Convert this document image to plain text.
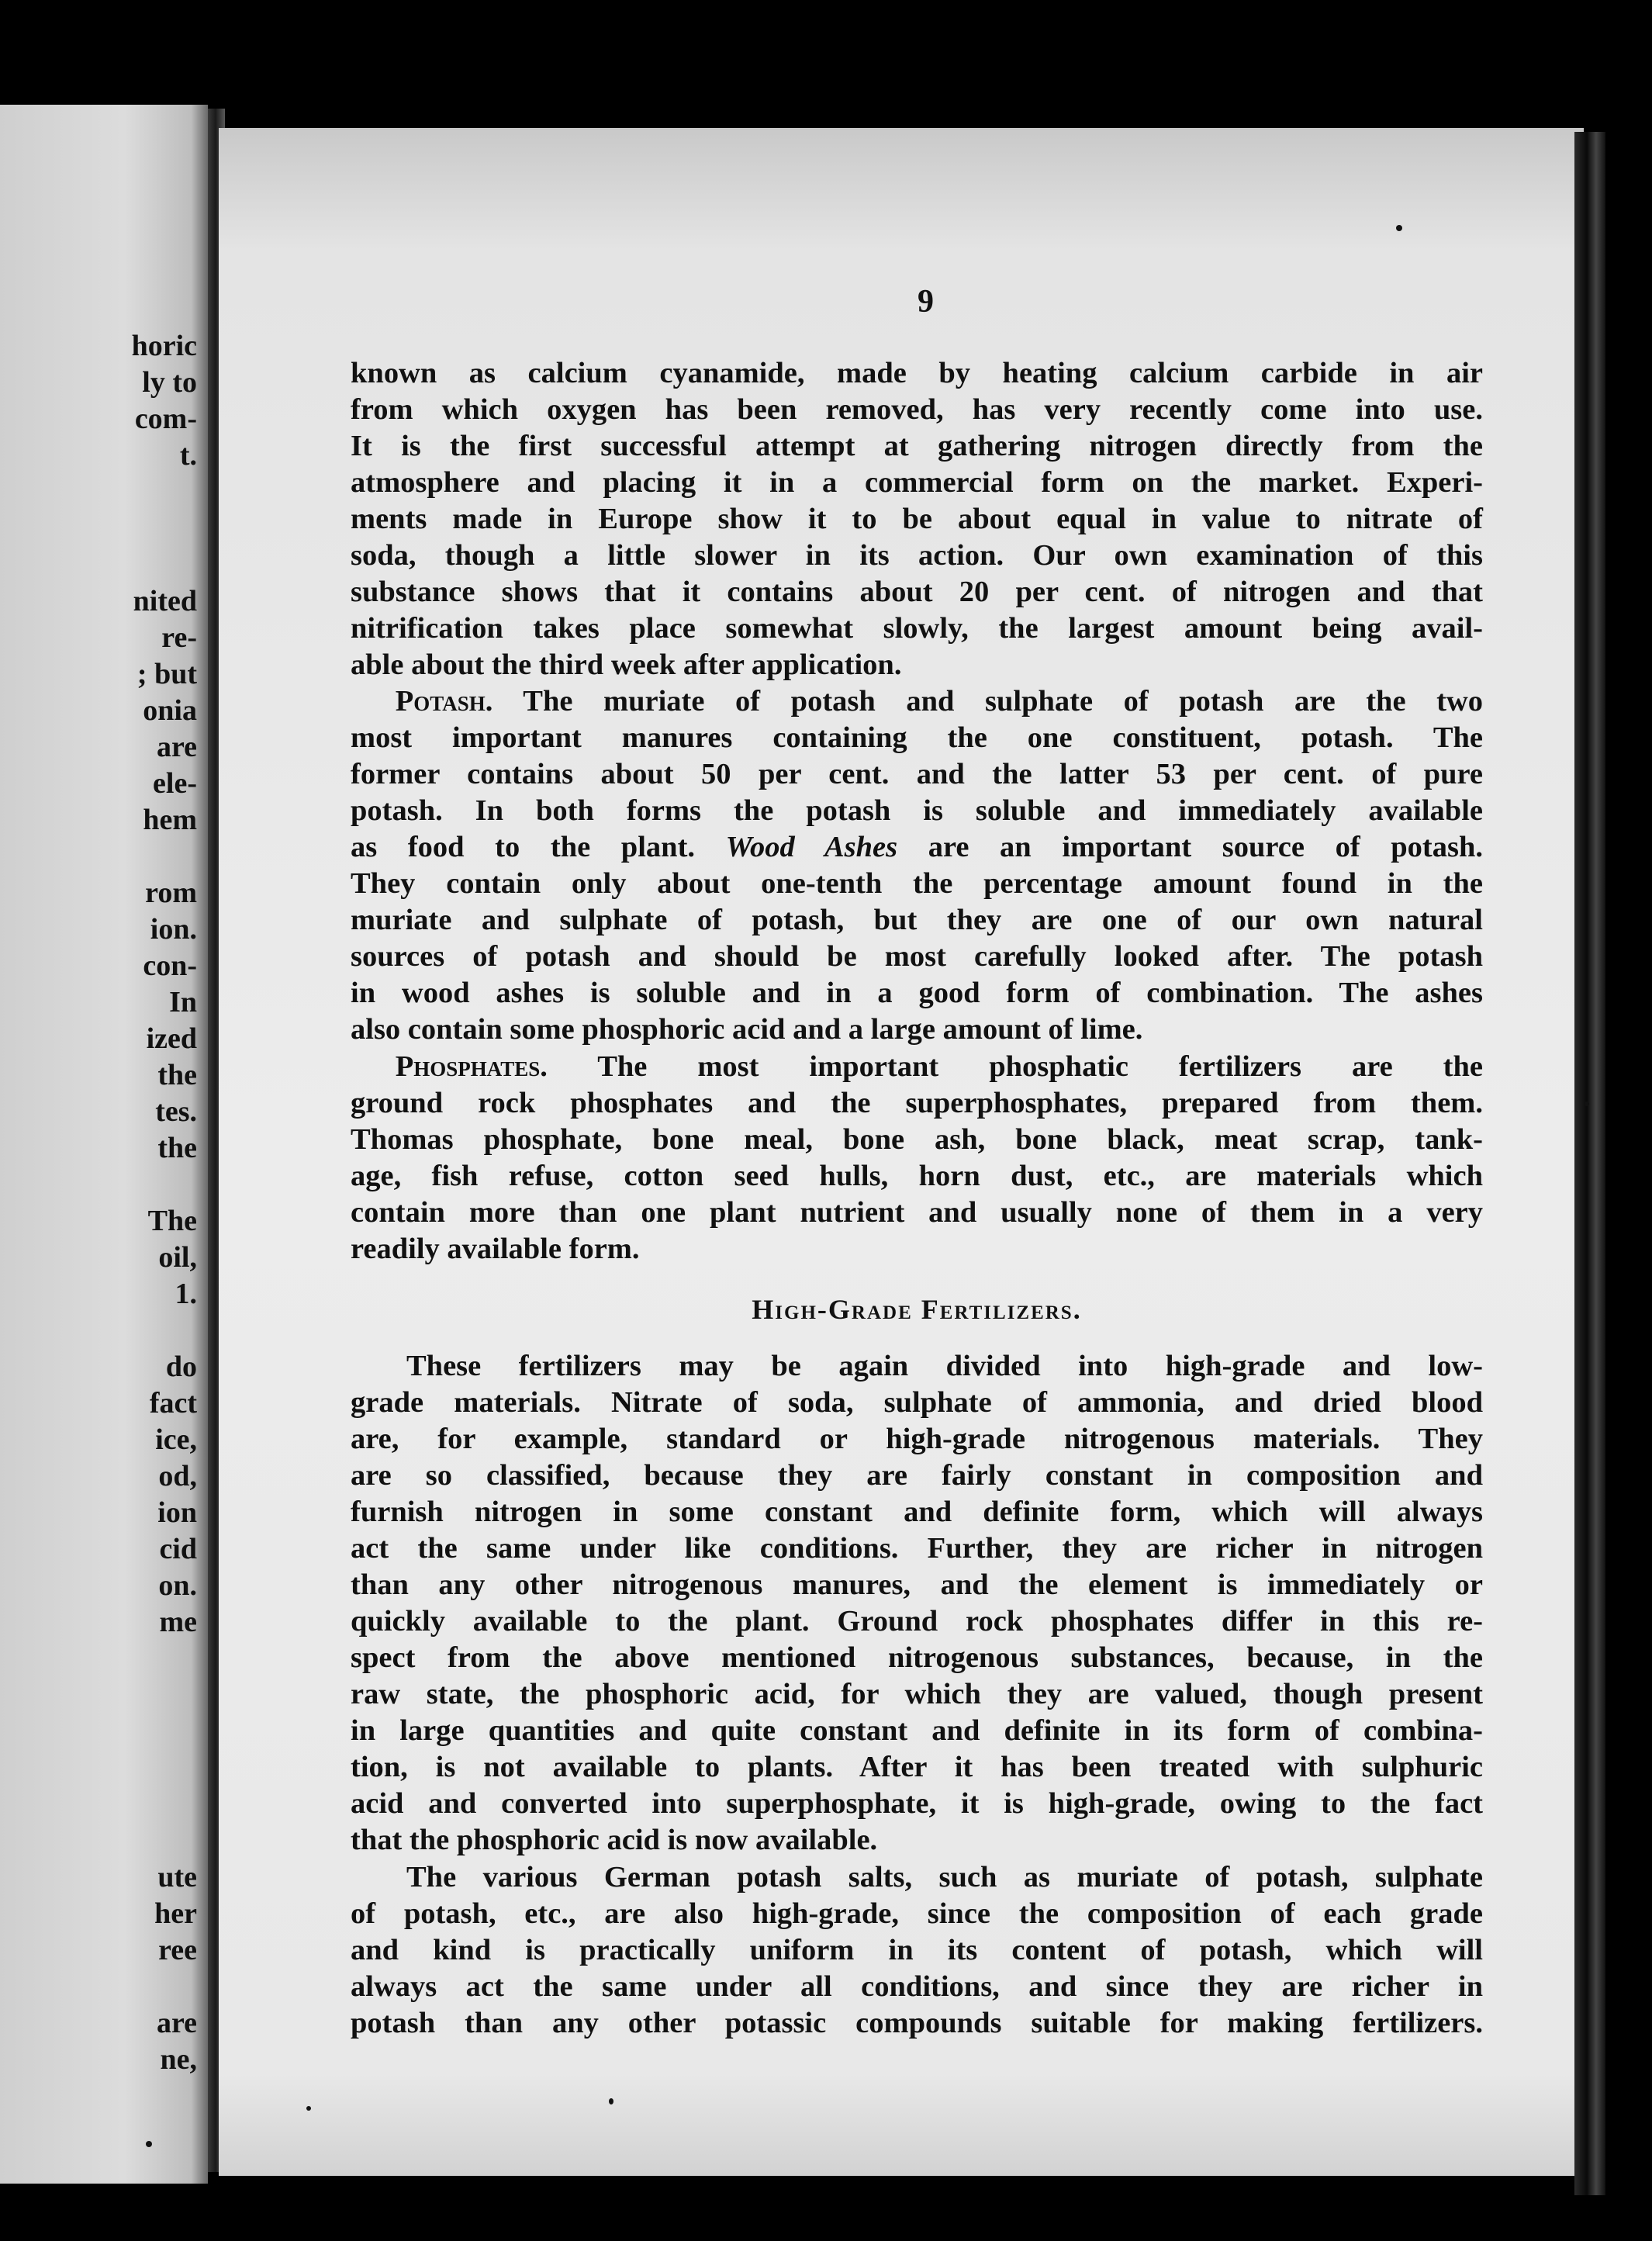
horic
ly to
com-
t.
nited
re-
; but
onia
are
ele-
hem
rom
ion.
con-
In
ized
the
tes.
the
The
oil,
1.
do
fact
ice,
od,
ion
cid
on.
me
ute
her
ree
are
ne,
9
known as calcium cyanamide, made by heating calcium carbide in air
from which oxygen has been removed, has very recently come into use.
It is the first successful attempt at gathering nitrogen directly from the
atmosphere and placing it in a commercial form on the market. Experi-
ments made in Europe show it to be about equal in value to nitrate of
soda, though a little slower in its action. Our own examination of this
substance shows that it contains about 20 per cent. of nitrogen and that
nitrification takes place somewhat slowly, the largest amount being avail-
able about the third week after application.
  Potash. The muriate of potash and sulphate of potash are the two
most important manures containing the one constituent, potash. The
former contains about 50 per cent. and the latter 53 per cent. of pure
potash. In both forms the potash is soluble and immediately available
as food to the plant. Wood Ashes are an important source of potash.
They contain only about one-tenth the percentage amount found in the
muriate and sulphate of potash, but they are one of our own natural
sources of potash and should be most carefully looked after. The potash
in wood ashes is soluble and in a good form of combination. The ashes
also contain some phosphoric acid and a large amount of lime.
  Phosphates. The most important phosphatic fertilizers are the
ground rock phosphates and the superphosphates, prepared from them.
Thomas phosphate, bone meal, bone ash, bone black, meat scrap, tank-
age, fish refuse, cotton seed hulls, horn dust, etc., are materials which
contain more than one plant nutrient and usually none of them in a very
readily available form.
High-Grade Fertilizers.
These fertilizers may be again divided into high-grade and low-
grade materials. Nitrate of soda, sulphate of ammonia, and dried blood
are, for example, standard or high-grade nitrogenous materials. They
are so classified, because they are fairly constant in composition and
furnish nitrogen in some constant and definite form, which will always
act the same under like conditions. Further, they are richer in nitrogen
than any other nitrogenous manures, and the element is immediately or
quickly available to the plant. Ground rock phosphates differ in this re-
spect from the above mentioned nitrogenous substances, because, in the
raw state, the phosphoric acid, for which they are valued, though present
in large quantities and quite constant and definite in its form of combina-
tion, is not available to plants. After it has been treated with sulphuric
acid and converted into superphosphate, it is high-grade, owing to the fact
that the phosphoric acid is now available.
The various German potash salts, such as muriate of potash, sulphate
of potash, etc., are also high-grade, since the composition of each grade
and kind is practically uniform in its content of potash, which will
always act the same under all conditions, and since they are richer in
potash than any other potassic compounds suitable for making fertilizers.
